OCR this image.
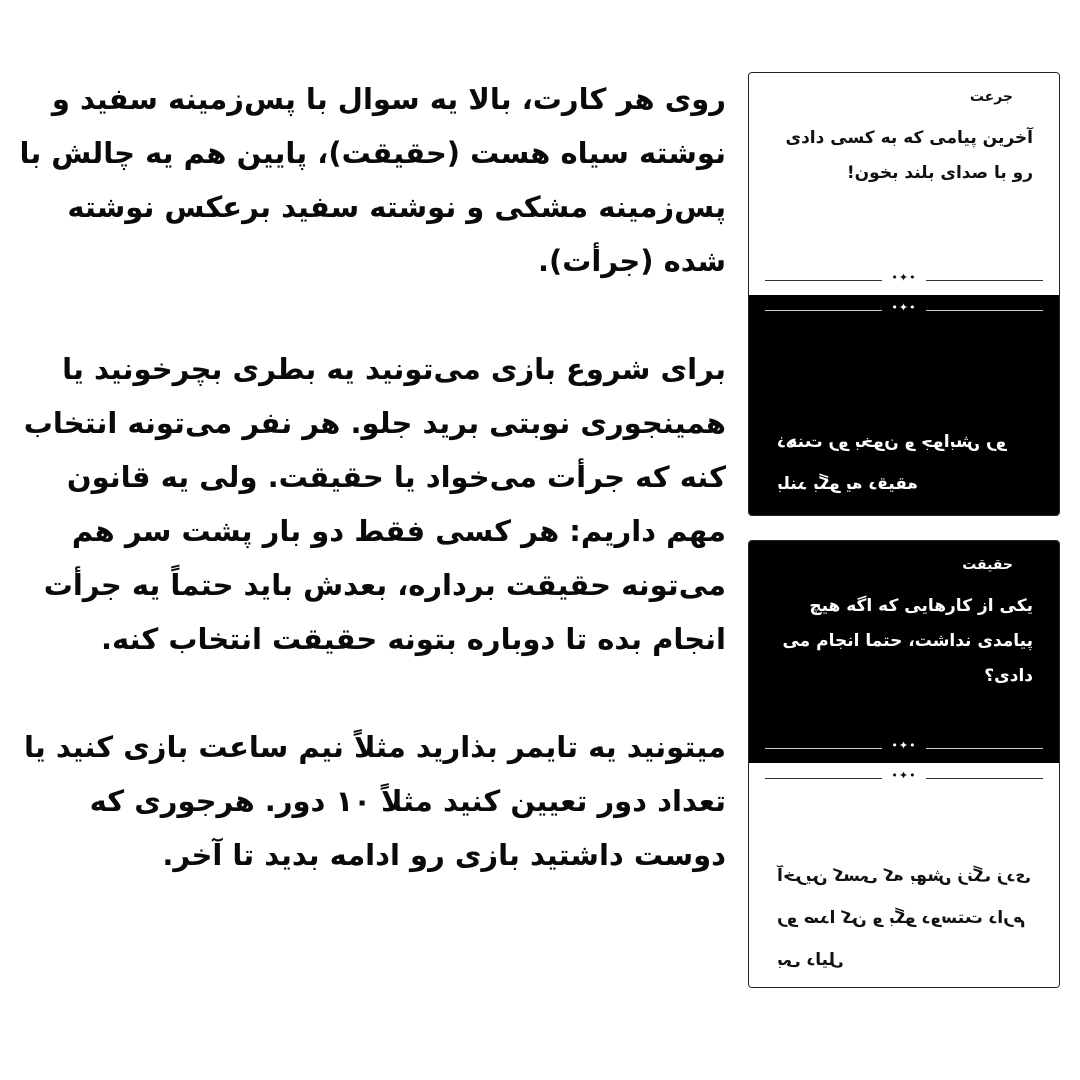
روی هر کارت، بالا یه سوال با پس‌زمینه سفید و نوشته سیاه هست (حقیقت)، پایین هم یه چالش با پس‌زمینه مشکی و نوشته سفید برعکس نوشته شده (جرأت).

برای شروع بازی می‌تونید یه بطری بچرخونید یا همینجوری نوبتی برید جلو. هر نفر می‌تونه انتخاب کنه که جرأت می‌خواد یا حقیقت. ولی یه قانون مهم داریم: هر کسی فقط دو بار پشت سر هم می‌تونه حقیقت برداره، بعدش باید حتماً یه جرأت انجام بده تا دوباره بتونه حقیقت انتخاب کنه.

میتونید یه تایمر بذارید مثلاً نیم ساعت بازی کنید یا تعداد دور تعیین کنید مثلاً ۱۰ دور. هرجوری که دوست داشتید بازی رو ادامه بدید تا آخر.

جرعت
آخرین پیامی که به کسی دادی رو با صدای بلند بخون!
•✦•
•✦•
ذهنت رو بخون و جوابش رو بلند بگو یه دقیقه
حقیقت
یکی از کارهایی که اگه هیچ پیامدی نداشت، حتما انجام می دادی؟
•✦•
•✦•
آخرین کسی که بهش زنگ زدی رو صدا کن و بگو دوستت دارم بی دلیل
